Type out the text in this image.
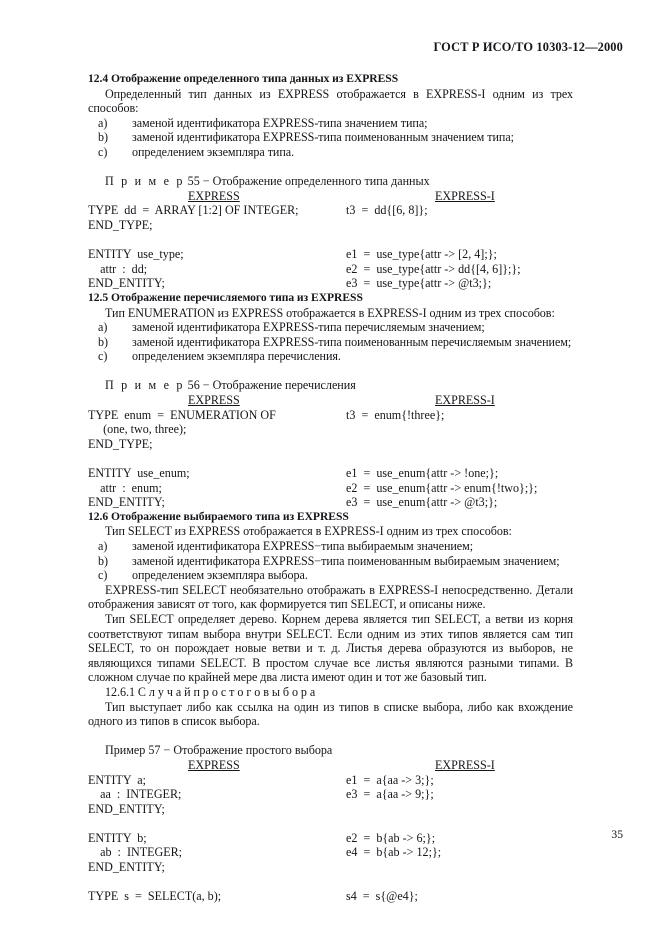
ГОСТ Р ИСО/ТО 10303-12—2000
12.4 Отображение определенного типа данных из EXPRESS

Определенный тип данных из EXPRESS отображается в EXPRESS-I одним из трех способов:

a) заменой идентификатора EXPRESS-типа значением типа;
b) заменой идентификатора EXPRESS-типа поименованным значением типа;
c) определением экземпляра типа.
П р и м е р 55 − Отображение определенного типа данных
EXPRESS	EXPRESS-I
TYPE  dd  =  ARRAY [1:2] OF INTEGER;	t3  =  dd{[6, 8]};
END_TYPE;
ENTITY  use_type;	e1  =  use_type{attr -> [2, 4];};
attr  :  dd;	e2  =  use_type{attr -> dd{[4, 6]};};
END_ENTITY;	e3  =  use_type{attr -> @t3;};
12.5 Отображение перечисляемого типа из EXPRESS

Тип ENUMERATION из EXPRESS отображается в EXPRESS-I одним из трех способов:

a) заменой идентификатора EXPRESS-типа перечисляемым значением;
b) заменой идентификатора EXPRESS-типа поименованным перечисляемым значением;
c) определением экземпляра перечисления.
П р и м е р 56 − Отображение перечисления
EXPRESS	EXPRESS-I
TYPE  enum  =  ENUMERATION OF	t3  =  enum{!three};
(one, two, three);
END_TYPE;
ENTITY  use_enum;	e1  =  use_enum{attr -> !one;};
attr  :  enum;	e2  =  use_enum{attr -> enum{!two};};
END_ENTITY;	e3  =  use_enum{attr -> @t3;};
12.6 Отображение выбираемого типа из EXPRESS

Тип SELECT из EXPRESS отображается в EXPRESS-I одним из трех способов:

a) заменой идентификатора EXPRESS−типа выбираемым значением;
b) заменой идентификатора EXPRESS−типа поименованным выбираемым значением;
c) определением экземпляра выбора.

EXPRESS-тип SELECT необязательно отображать в EXPRESS-I непосредственно. Детали отображения зависят от того, как формируется тип SELECT, и описаны ниже.

Тип SELECT определяет дерево. Корнем дерева является тип SELECT, а ветви из корня соответствуют типам выбора внутри SELECT. Если одним из этих типов является сам тип SELECT, то он порождает новые ветви и т. д. Листья дерева образуются из выборов, не являющихся типами SELECT. В простом случае все листья являются разными типами. В сложном случае по крайней мере два листа имеют один и тот же базовый тип.

12.6.1 С л у ч а й п р о с т о г о в ы б о р а

Тип выступает либо как ссылка на один из типов в списке выбора, либо как вхождение одного из типов в список выбора.

Пример 57 − Отображение простого выбора
EXPRESS	EXPRESS-I
ENTITY  a;	e1  =  a{aa -> 3;};
aa  :  INTEGER;	e3  =  a{aa -> 9;};
END_ENTITY;
ENTITY  b;	e2  =  b{ab -> 6;};
ab  :  INTEGER;	e4  =  b{ab -> 12;};
END_ENTITY;
TYPE  s  =  SELECT(a, b);	s4  =  s{@e4};
35
